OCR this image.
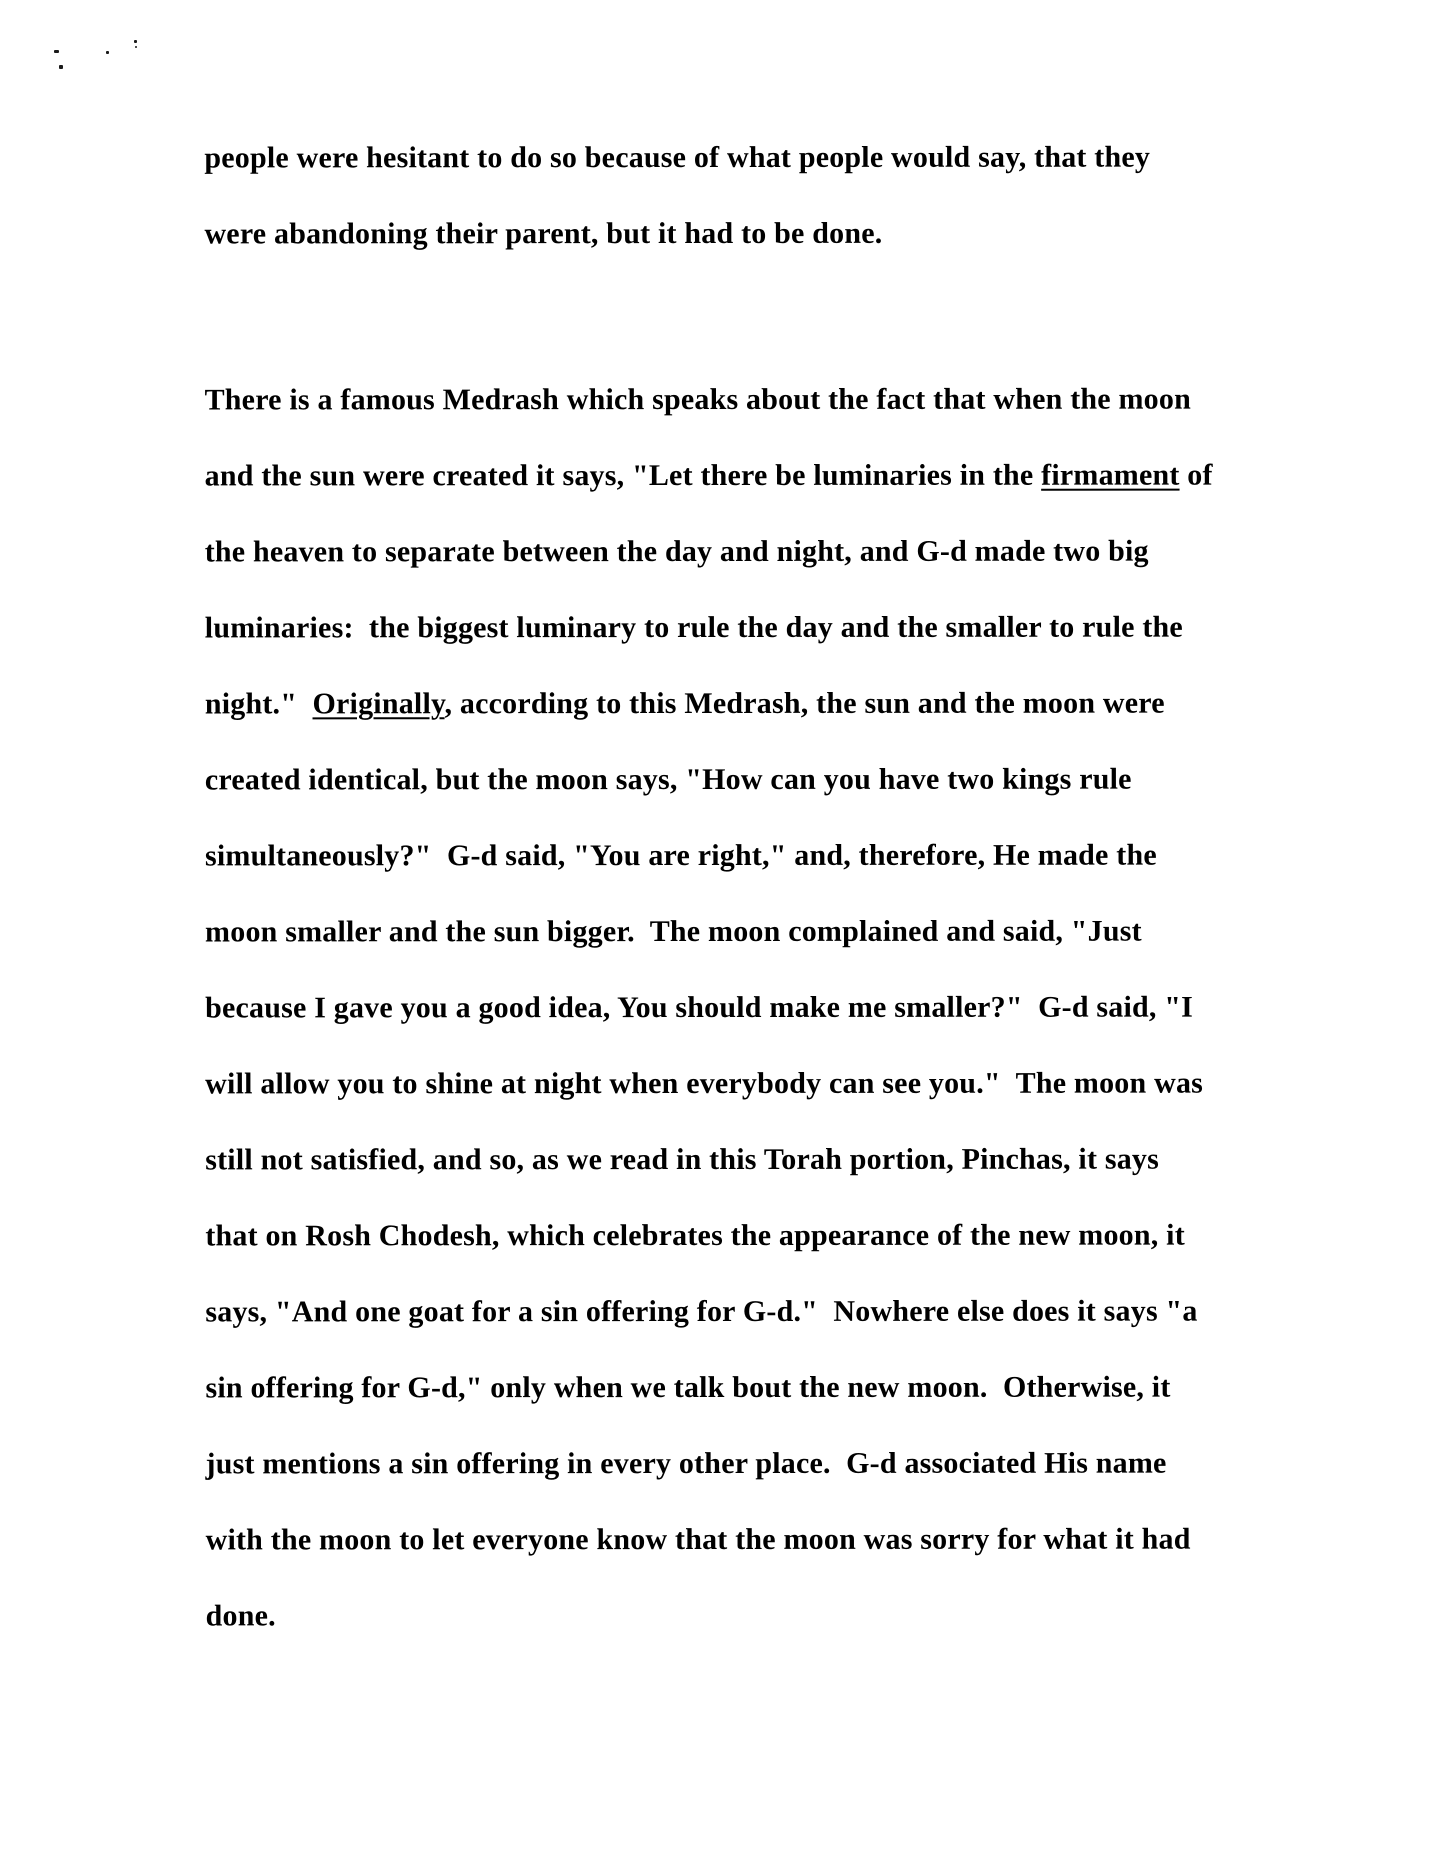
people were hesitant to do so because of what people would say, that they
were abandoning their parent, but it had to be done.
There is a famous Medrash which speaks about the fact that when the moon
and the sun were created it says, "Let there be luminaries in the firmament of
the heaven to separate between the day and night, and G-d made two big
luminaries:  the biggest luminary to rule the day and the smaller to rule the
night."  Originally, according to this Medrash, the sun and the moon were
created identical, but the moon says, "How can you have two kings rule
simultaneously?"  G-d said, "You are right," and, therefore, He made the
moon smaller and the sun bigger.  The moon complained and said, "Just
because I gave you a good idea, You should make me smaller?"  G-d said, "I
will allow you to shine at night when everybody can see you."  The moon was
still not satisfied, and so, as we read in this Torah portion, Pinchas, it says
that on Rosh Chodesh, which celebrates the appearance of the new moon, it
says, "And one goat for a sin offering for G-d."  Nowhere else does it says "a
sin offering for G-d," only when we talk bout the new moon.  Otherwise, it
just mentions a sin offering in every other place.  G-d associated His name
with the moon to let everyone know that the moon was sorry for what it had
done.
